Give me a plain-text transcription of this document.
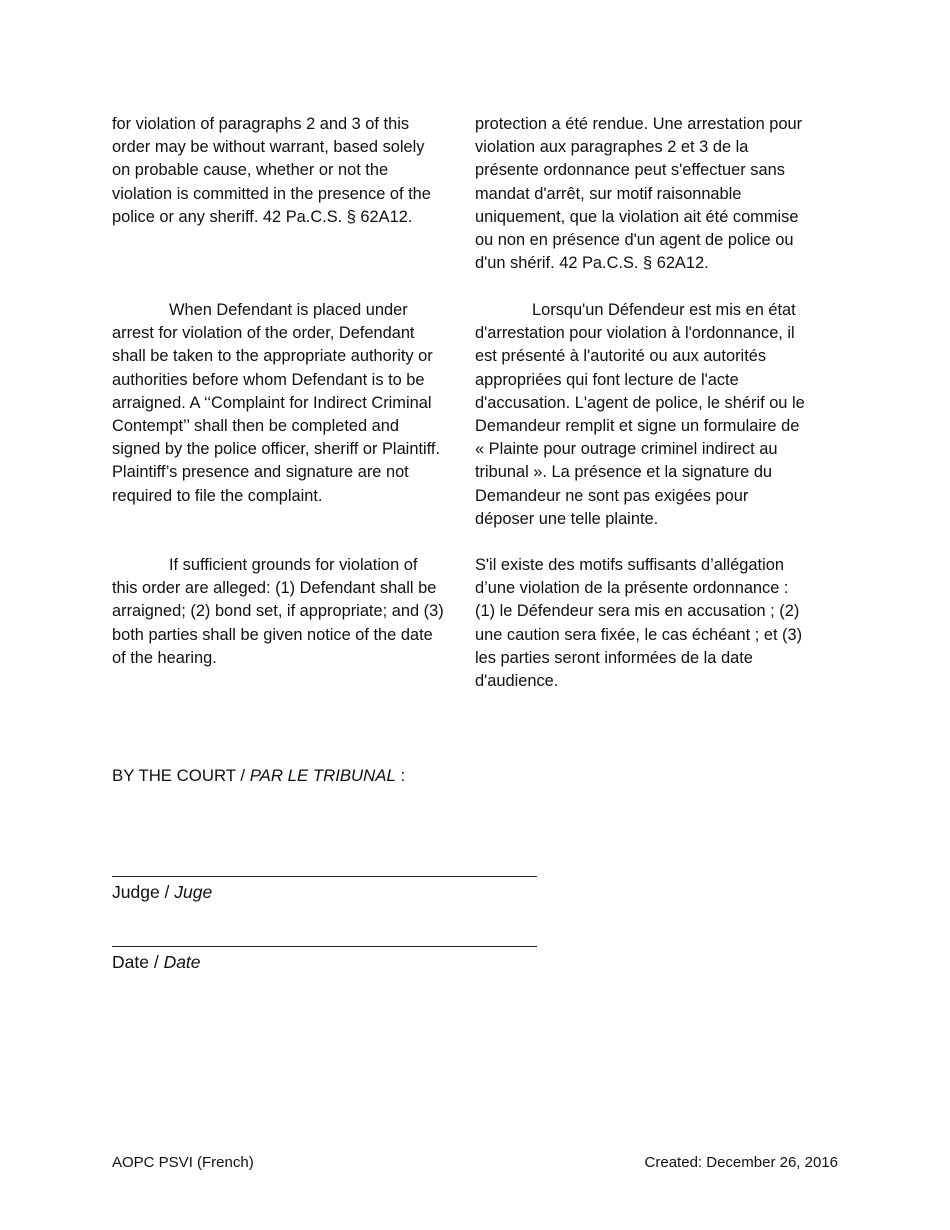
for violation of paragraphs 2 and 3 of this
order may be without warrant, based solely
on probable cause, whether or not the
violation is committed in the presence of the
police or any sheriff. 42 Pa.C.S. § 62A12.

protection a été rendue. Une arrestation pour
violation aux paragraphes 2 et 3 de la
présente ordonnance peut s'effectuer sans
mandat d'arrêt, sur motif raisonnable
uniquement, que la violation ait été commise
ou non en présence d'un agent de police ou
d'un shérif. 42 Pa.C.S. § 62A12.

When Defendant is placed under
arrest for violation of the order, Defendant
shall be taken to the appropriate authority or
authorities before whom Defendant is to be
arraigned. A ‘‘Complaint for Indirect Criminal
Contempt’’ shall then be completed and
signed by the police officer, sheriff or Plaintiff.
Plaintiff’s presence and signature are not
required to file the complaint.

Lorsqu'un Défendeur est mis en état
d'arrestation pour violation à l'ordonnance, il
est présenté à l'autorité ou aux autorités
appropriées qui font lecture de l'acte
d'accusation. L'agent de police, le shérif ou le
Demandeur remplit et signe un formulaire de
« Plainte pour outrage criminel indirect au
tribunal ». La présence et la signature du
Demandeur ne sont pas exigées pour
déposer une telle plainte.

If sufficient grounds for violation of
this order are alleged: (1) Defendant shall be
arraigned; (2) bond set, if appropriate; and (3)
both parties shall be given notice of the date
of the hearing.

S'il existe des motifs suffisants d’allégation
d’une violation de la présente ordonnance :
(1) le Défendeur sera mis en accusation ; (2)
une caution sera fixée, le cas échéant ; et (3)
les parties seront informées de la date
d'audience.

BY THE COURT / PAR LE TRIBUNAL :

Judge / Juge

Date / Date

AOPC PSVI (French)	Created: December 26, 2016
